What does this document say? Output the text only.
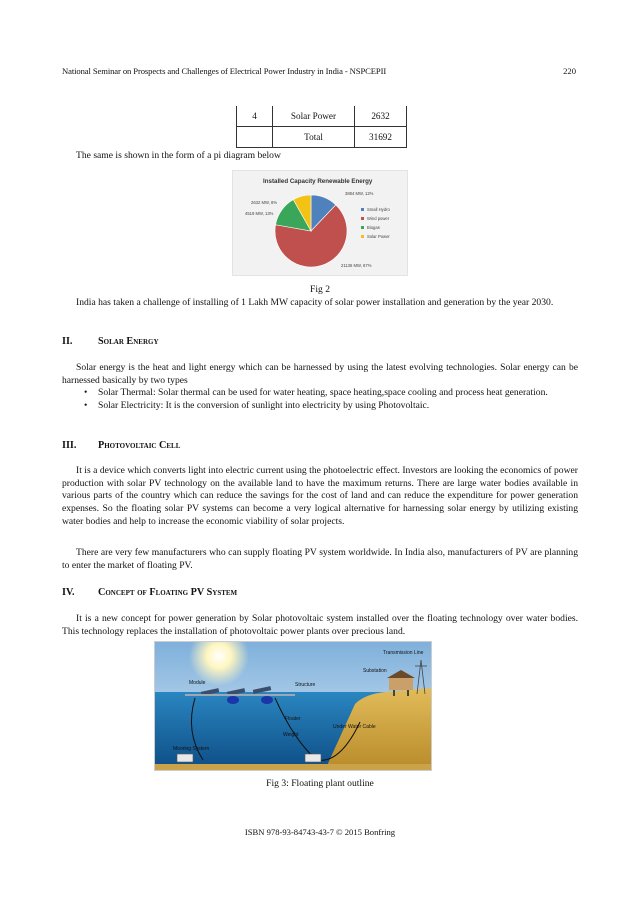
National Seminar on Prospects and Challenges of Electrical Power Industry in India - NSPCEPII	220
4	Solar Power	2632
	Total	31692
The same is shown in the form of a pi diagram below
Installed Capacity Renewable Energy
3884 MW, 12%
21136 MW, 67%
4519 MW, 13%
2632 MW, 8%
Small Hydro
Wind power
Biogas
Solar Power
Fig 2
India has taken a challenge of installing of 1 Lakh MW capacity of solar power installation and generation by the year 2030.
II.	Solar Energy
Solar energy is the heat and light energy which can be harnessed by using the latest evolving technologies. Solar energy can be harnessed basically by two types
• Solar Thermal: Solar thermal can be used for water heating, space heating,space cooling and process heat generation.
• Solar Electricity: It is the conversion of sunlight into electricity by using Photovoltaic.
III.	Photovoltaic Cell
It is a device which converts light into electric current using the photoelectric effect. Investors are looking the economics of power production with solar PV technology on the available land to have the maximum returns. There are large water bodies available in various parts of the country which can reduce the savings for the cost of land and can reduce the expenditure for power generation expenses. So the floating solar PV systems can become a very logical alternative for harnessing solar energy by utilizing existing water bodies and help to increase the economic viability of solar projects.
There are very few manufacturers who can supply floating PV system worldwide. In India also, manufacturers of PV are planning to enter the market of floating PV.
IV.	Concept of Floating PV System
It is a new concept for power generation by Solar photovoltaic system installed over the floating technology over water bodies. This technology replaces the installation of photovoltaic power plants over precious land.
Module	Structure
Floater
Weight
Substation
Under Water Cable
Mooring System
Transmission Line
Fig 3: Floating plant outline
ISBN 978-93-84743-43-7 © 2015 Bonfring
